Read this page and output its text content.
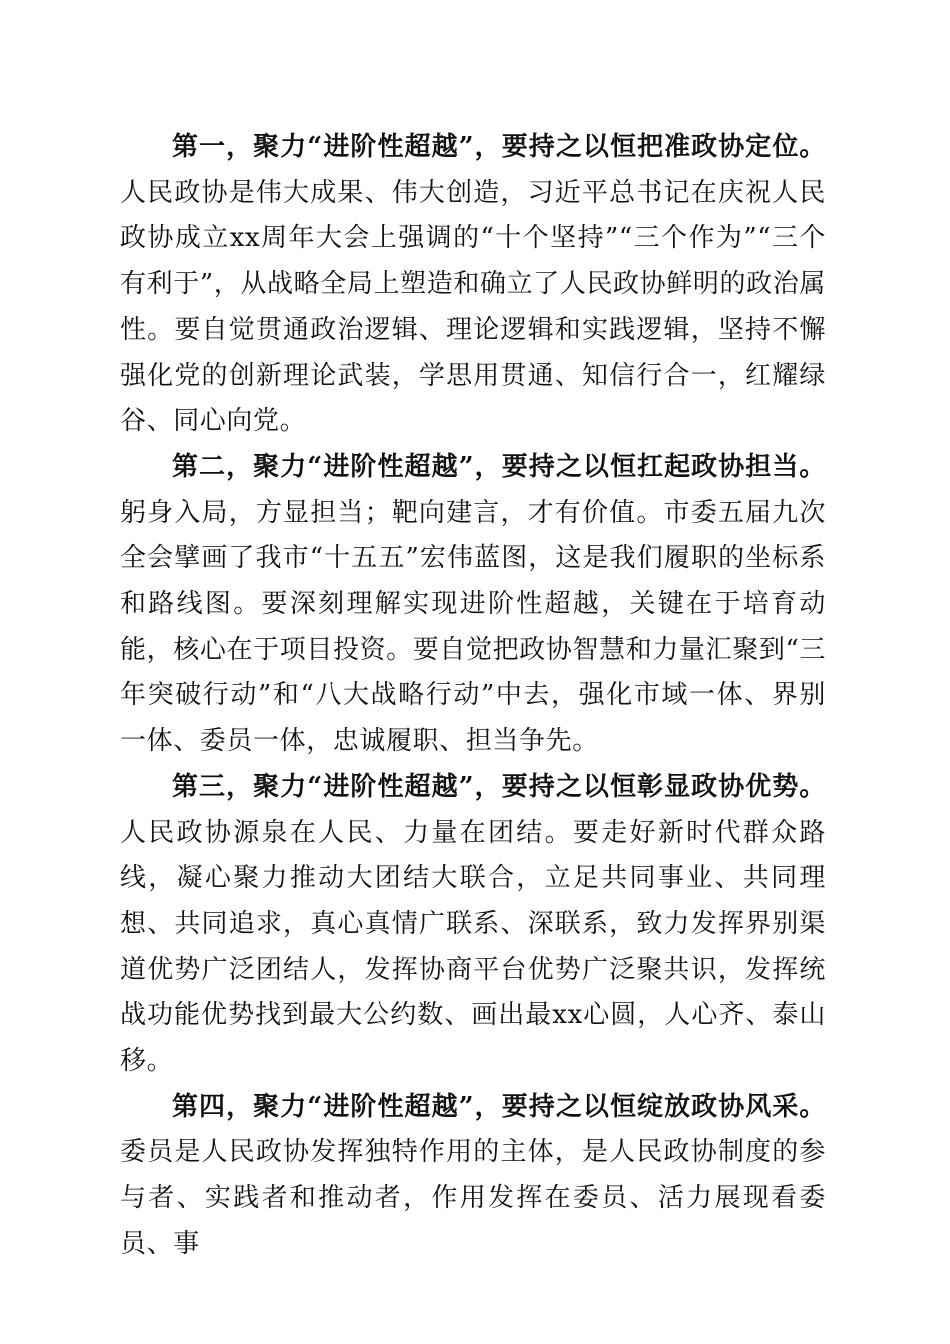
第一，聚力“进阶性超越”，要持之以恒把准政协定位。人民政协是伟大成果、伟大创造，习近平总书记在庆祝人民政协成立xx周年大会上强调的“十个坚持”“三个作为”“三个有利于”，从战略全局上塑造和确立了人民政协鲜明的政治属性。要自觉贯通政治逻辑、理论逻辑和实践逻辑，坚持不懈强化党的创新理论武装，学思用贯通、知信行合一，红耀绿谷、同心向党。

第二，聚力“进阶性超越”，要持之以恒扛起政协担当。躬身入局，方显担当；靶向建言，才有价值。市委五届九次全会擘画了我市“十五五”宏伟蓝图，这是我们履职的坐标系和路线图。要深刻理解实现进阶性超越，关键在于培育动能，核心在于项目投资。要自觉把政协智慧和力量汇聚到“三年突破行动”和“八大战略行动”中去，强化市域一体、界别一体、委员一体，忠诚履职、担当争先。

第三，聚力“进阶性超越”，要持之以恒彰显政协优势。人民政协源泉在人民、力量在团结。要走好新时代群众路线，凝心聚力推动大团结大联合，立足共同事业、共同理想、共同追求，真心真情广联系、深联系，致力发挥界别渠道优势广泛团结人，发挥协商平台优势广泛聚共识，发挥统战功能优势找到最大公约数、画出最xx心圆，人心齐、泰山移。

第四，聚力“进阶性超越”，要持之以恒绽放政协风采。委员是人民政协发挥独特作用的主体，是人民政协制度的参与者、实践者和推动者，作用发挥在委员、活力展现看委员、事
